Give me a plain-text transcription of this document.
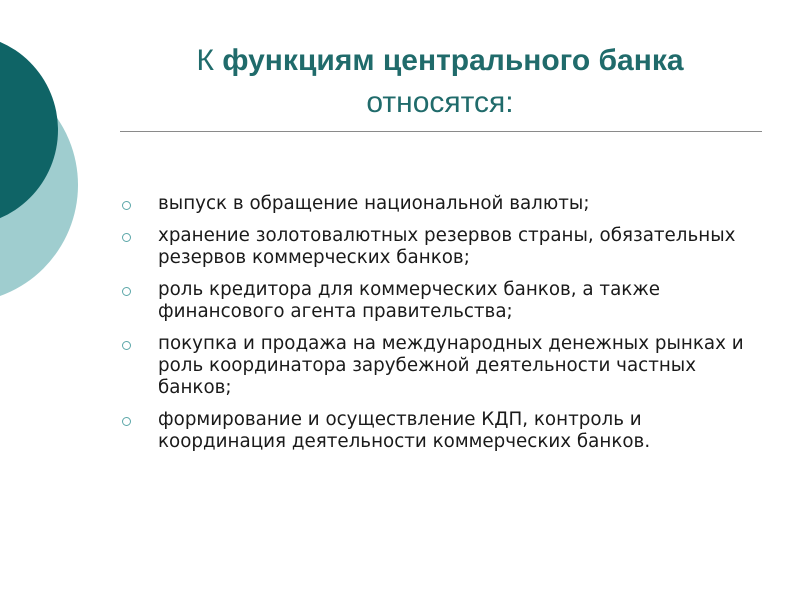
К функциям центрального банка
относятся:
выпуск в обращение национальной валюты;
хранение золотовалютных резервов страны, обязательных резервов коммерческих банков;
роль кредитора для коммерческих банков, а также финансового агента правительства;
покупка и продажа на международных денежных рынках и роль координатора зарубежной деятельности частных банков;
формирование и осуществление КДП, контроль и координация деятельности коммерческих банков.
